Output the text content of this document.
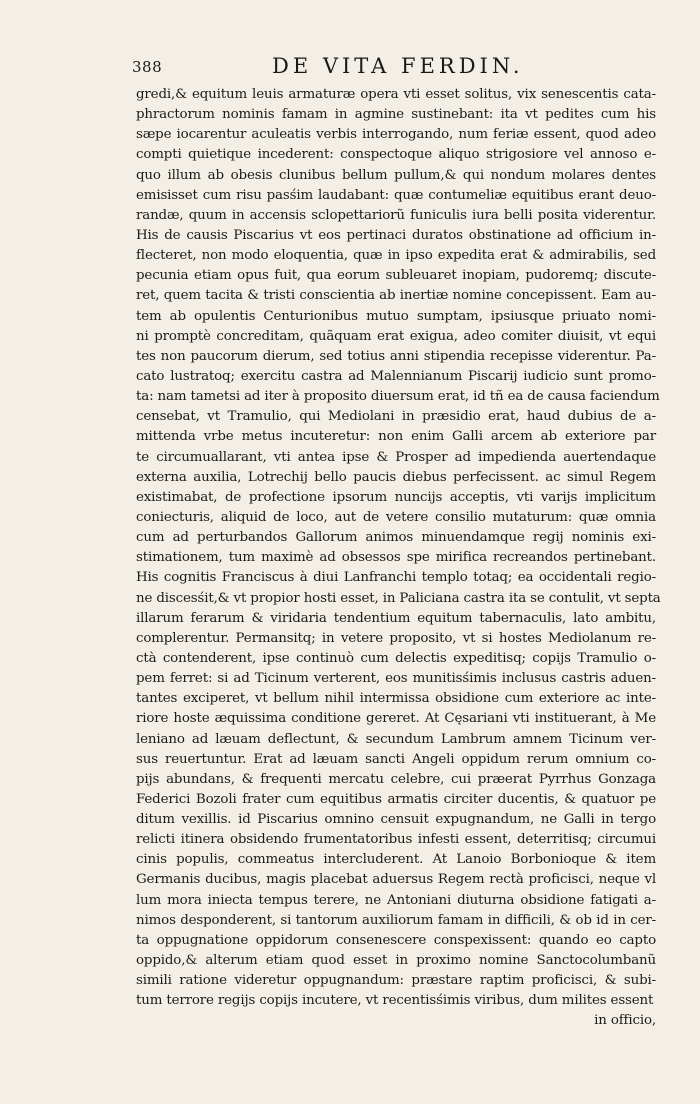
388	DE VITA FERDIN.
gredi,& equitum leuis armaturæ opera vti esset solitus, vix senescentis cata-
phractorum nominis famam in agmine sustinebant: ita vt pedites cum his
sæpe iocarentur aculeatis verbis interrogando, num feriæ essent, quod adeo
compti quietique incederent: conspectoque aliquo strigosiore vel annoso e-
quo illum ab obesis clunibus bellum pullum,& qui nondum molares dentes
emisisset cum risu pasśim laudabant: quæ contumeliæ equitibus erant deuo-
randæ, quum in accensis sclopettariorũ funiculis iura belli posita viderentur.
His de causis Piscarius vt eos pertinaci duratos obstinatione ad officium in-
flecteret, non modo eloquentia, quæ in ipso expedita erat & admirabilis, sed
pecunia etiam opus fuit, qua eorum subleuaret inopiam, pudoremq; discute-
ret, quem tacita & tristi conscientia ab inertiæ nomine concepissent. Eam au-
tem ab opulentis Centurionibus mutuo sumptam, ipsiusque priuato nomi-
ni promptè concreditam, quãquam erat exigua, adeo comiter diuisit, vt equi
tes non paucorum dierum, sed totius anni stipendia recepisse viderentur. Pa-
cato lustratoq; exercitu castra ad Malennianum Piscarij iudicio sunt promo-
ta: nam tametsi ad iter à proposito diuersum erat, id tñ ea de causa faciendum
censebat, vt Tramulio, qui Mediolani in præsidio erat, haud dubius de a-
mittenda vrbe metus incuteretur: non enim Galli arcem ab exteriore par
te circumuallarant, vti antea ipse & Prosper ad impedienda auertendaque
externa auxilia, Lotrechij bello paucis diebus perfecissent. ac simul Regem
existimabat, de profectione ipsorum nuncijs acceptis, vti varijs implicitum
coniecturis, aliquid de loco, aut de vetere consilio mutaturum: quæ omnia
cum ad perturbandos Gallorum animos minuendamque regij nominis exi-
stimationem, tum maximè ad obsessos spe mirifica recreandos pertinebant.
His cognitis Franciscus à diui Lanfranchi templo totaq; ea occidentali regio-
ne discesśit,& vt propior hosti esset, in Paliciana castra ita se contulit, vt septa
illarum ferarum & viridaria tendentium equitum tabernaculis, lato ambitu,
complerentur. Permansitq; in vetere proposito, vt si hostes Mediolanum re-
ctà contenderent, ipse continuò cum delectis expeditisq; copijs Tramulio o-
pem ferret: si ad Ticinum verterent, eos munitisśimis inclusus castris aduen-
tantes exciperet, vt bellum nihil intermissa obsidione cum exteriore ac inte-
riore hoste æquissima conditione gereret. At Cęsariani vti instituerant, à Me
leniano ad læuam deflectunt, & secundum Lambrum amnem Ticinum ver-
sus reuertuntur. Erat ad læuam sancti Angeli oppidum rerum omnium co-
pijs abundans, & frequenti mercatu celebre, cui præerat Pyrrhus Gonzaga
Federici Bozoli frater cum equitibus armatis circiter ducentis, & quatuor pe
ditum vexillis. id Piscarius omnino censuit expugnandum, ne Galli in tergo
relicti itinera obsidendo frumentatoribus infesti essent, deterritisq; circumui
cinis populis, commeatus intercluderent. At Lanoio Borbonioque & item
Germanis ducibus, magis placebat aduersus Regem rectà proficisci, neque vl
lum mora iniecta tempus terere, ne Antoniani diuturna obsidione fatigati a-
nimos desponderent, si tantorum auxiliorum famam in difficili, & ob id in cer-
ta oppugnatione oppidorum consenescere conspexissent: quando eo capto
oppido,& alterum etiam quod esset in proximo nomine Sanctocolumbanũ
simili ratione videretur oppugnandum: præstare raptim proficisci, & subi-
tum terrore regijs copijs incutere, vt recentisśimis viribus, dum milites essent
in officio,
